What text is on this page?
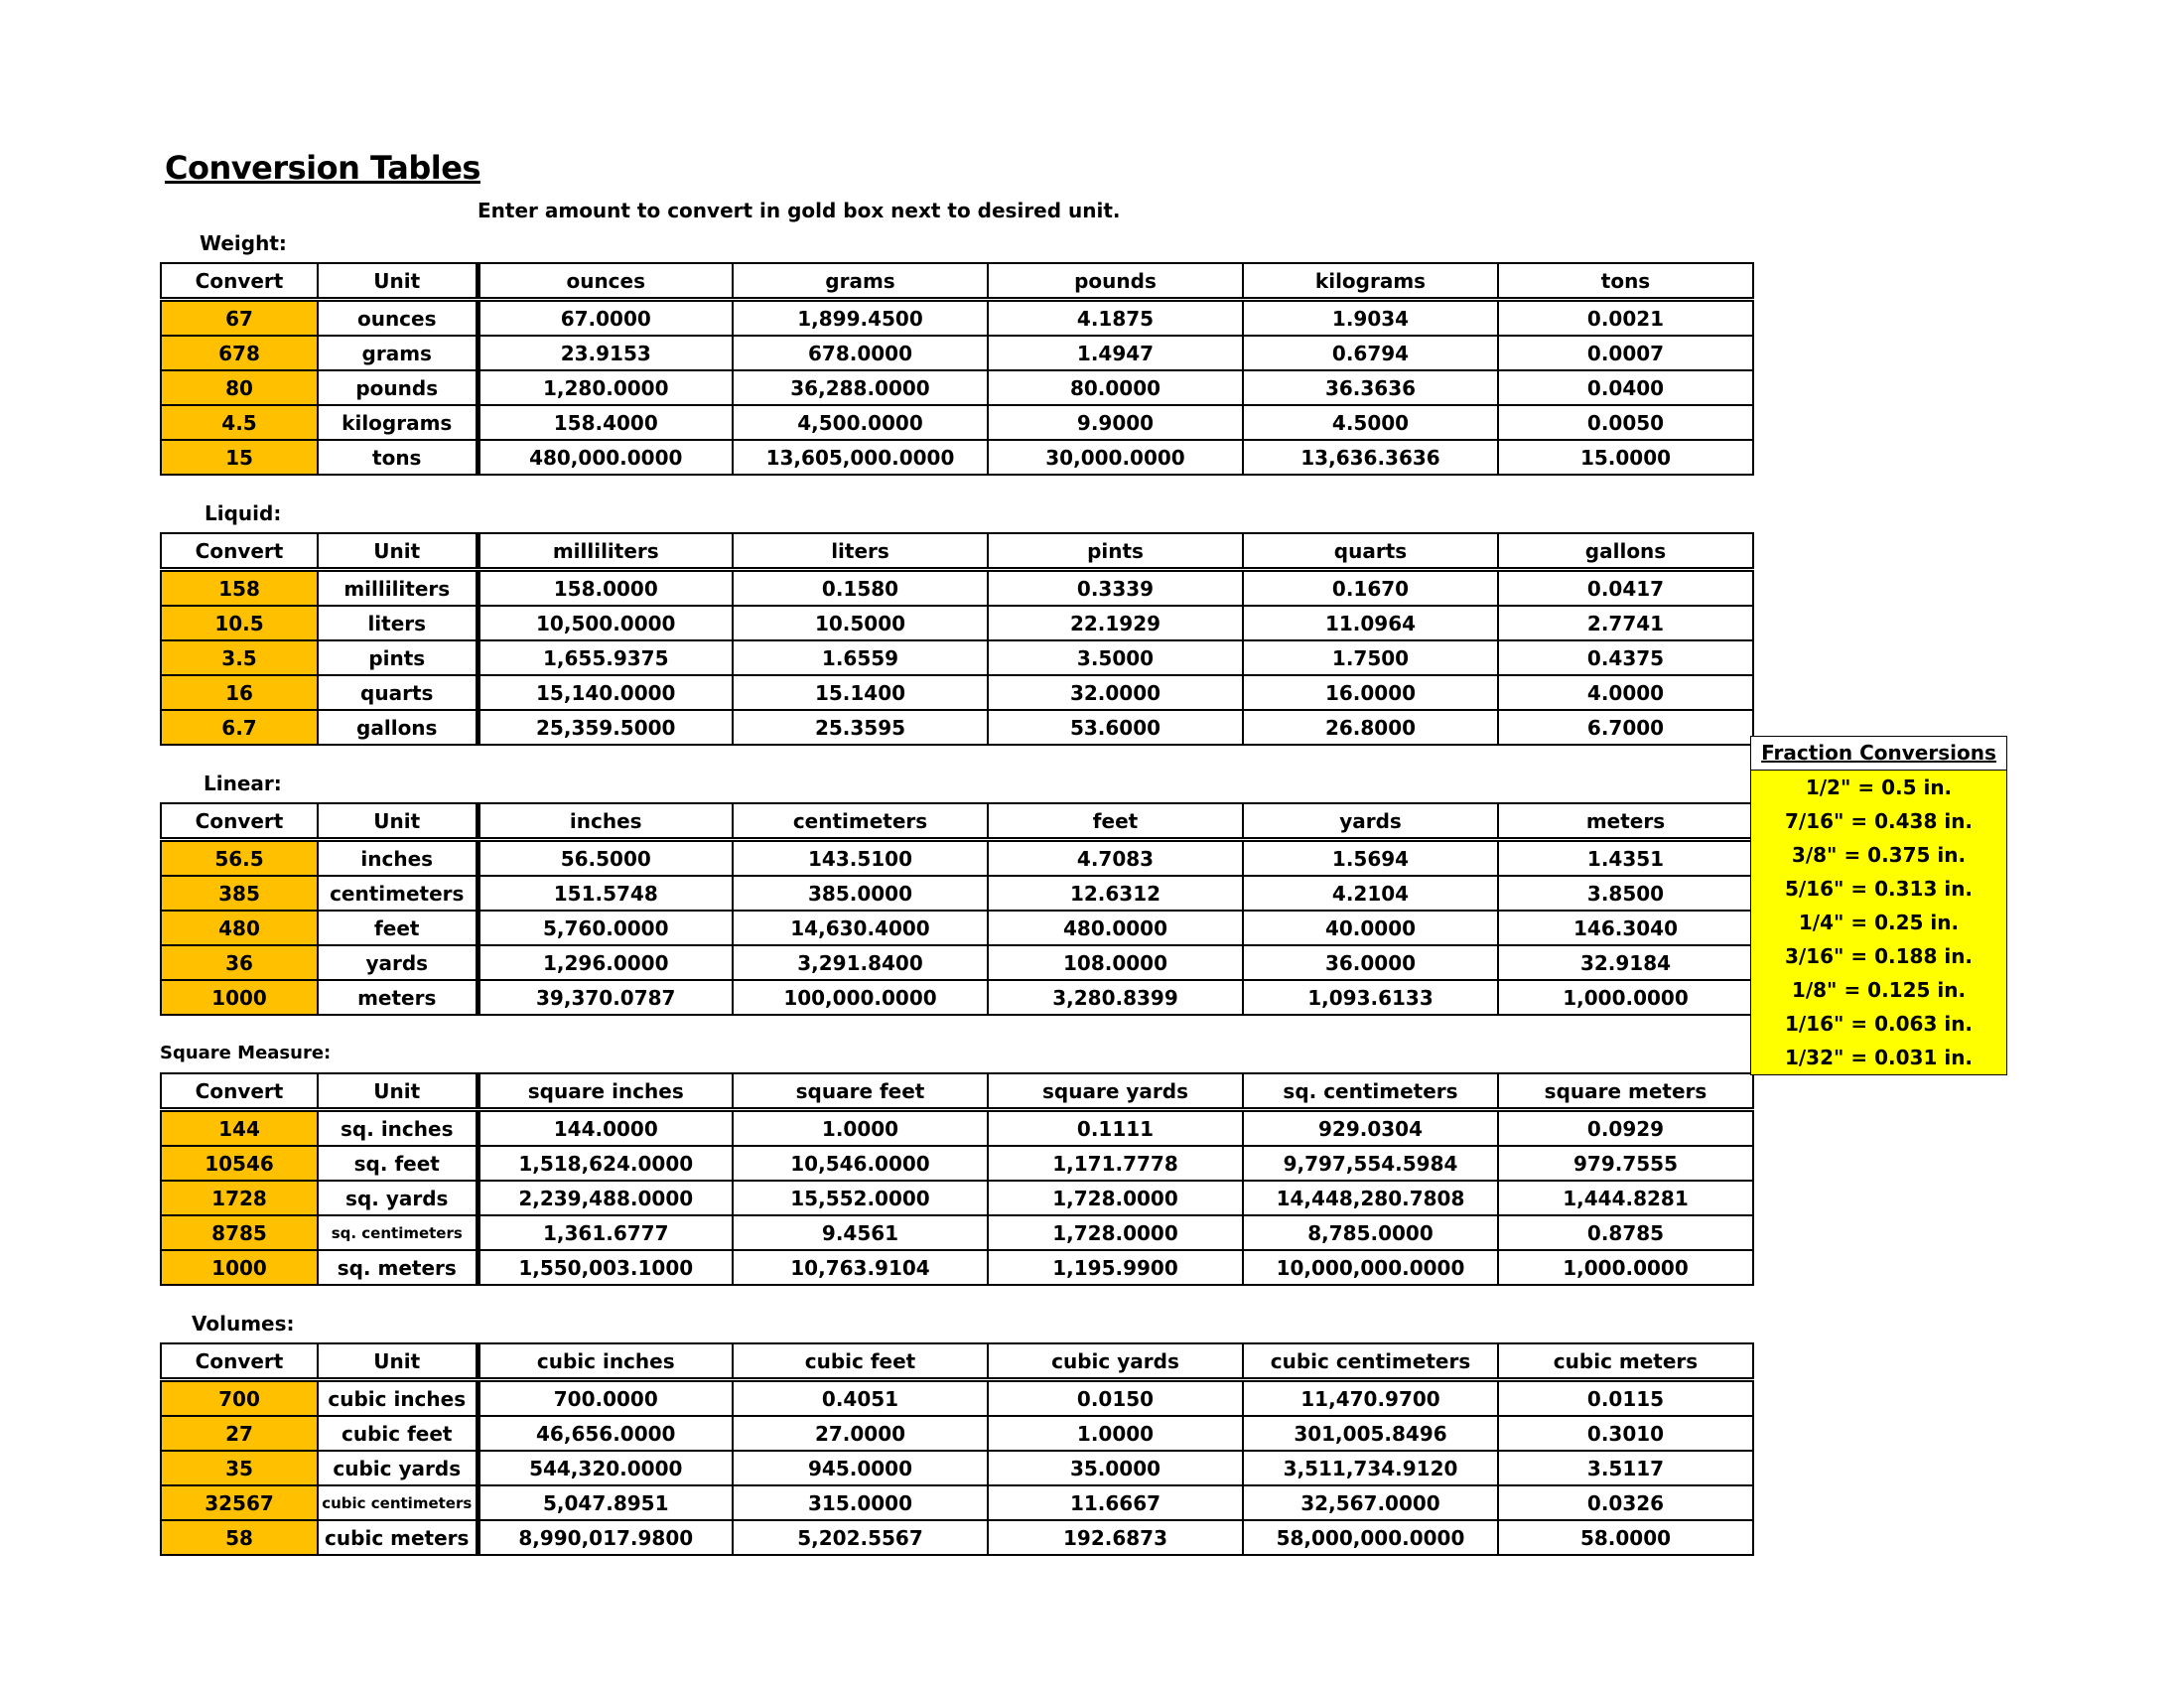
Conversion Tables
Enter amount to convert in gold box next to desired unit.
Weight:
Convert	Unit	ounces	grams	pounds	kilograms	tons
67	ounces	67.0000	1,899.4500	4.1875	1.9034	0.0021
678	grams	23.9153	678.0000	1.4947	0.6794	0.0007
80	pounds	1,280.0000	36,288.0000	80.0000	36.3636	0.0400
4.5	kilograms	158.4000	4,500.0000	9.9000	4.5000	0.0050
15	tons	480,000.0000	13,605,000.0000	30,000.0000	13,636.3636	15.0000
Liquid:
Convert	Unit	milliliters	liters	pints	quarts	gallons
158	milliliters	158.0000	0.1580	0.3339	0.1670	0.0417
10.5	liters	10,500.0000	10.5000	22.1929	11.0964	2.7741
3.5	pints	1,655.9375	1.6559	3.5000	1.7500	0.4375
16	quarts	15,140.0000	15.1400	32.0000	16.0000	4.0000
6.7	gallons	25,359.5000	25.3595	53.6000	26.8000	6.7000
Linear:
Convert	Unit	inches	centimeters	feet	yards	meters
56.5	inches	56.5000	143.5100	4.7083	1.5694	1.4351
385	centimeters	151.5748	385.0000	12.6312	4.2104	3.8500
480	feet	5,760.0000	14,630.4000	480.0000	40.0000	146.3040
36	yards	1,296.0000	3,291.8400	108.0000	36.0000	32.9184
1000	meters	39,370.0787	100,000.0000	3,280.8399	1,093.6133	1,000.0000
Square Measure:
Convert	Unit	square inches	square feet	square yards	sq. centimeters	square meters
144	sq. inches	144.0000	1.0000	0.1111	929.0304	0.0929
10546	sq. feet	1,518,624.0000	10,546.0000	1,171.7778	9,797,554.5984	979.7555
1728	sq. yards	2,239,488.0000	15,552.0000	1,728.0000	14,448,280.7808	1,444.8281
8785	sq. centimeters	1,361.6777	9.4561	1,728.0000	8,785.0000	0.8785
1000	sq. meters	1,550,003.1000	10,763.9104	1,195.9900	10,000,000.0000	1,000.0000
Volumes:
Convert	Unit	cubic inches	cubic feet	cubic yards	cubic centimeters	cubic meters
700	cubic inches	700.0000	0.4051	0.0150	11,470.9700	0.0115
27	cubic feet	46,656.0000	27.0000	1.0000	301,005.8496	0.3010
35	cubic yards	544,320.0000	945.0000	35.0000	3,511,734.9120	3.5117
32567	cubic centimeters	5,047.8951	315.0000	11.6667	32,567.0000	0.0326
58	cubic meters	8,990,017.9800	5,202.5567	192.6873	58,000,000.0000	58.0000
Fraction Conversions
1/2" = 0.5 in.
7/16" = 0.438 in.
3/8" = 0.375 in.
5/16" = 0.313 in.
1/4" = 0.25 in.
3/16" = 0.188 in.
1/8" = 0.125 in.
1/16" = 0.063 in.
1/32" = 0.031 in.
